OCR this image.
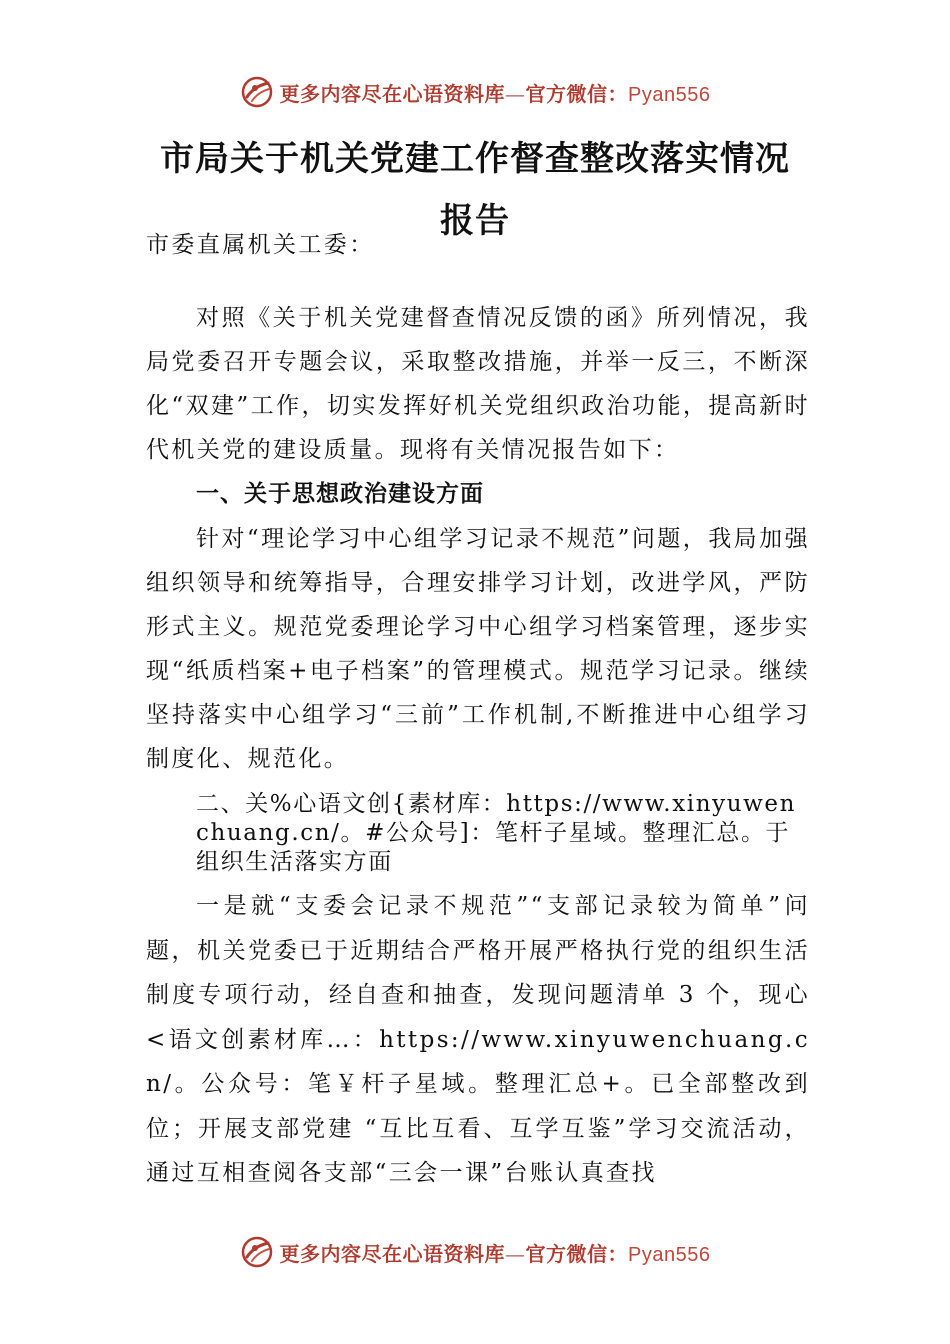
更多内容尽在心语资料库—官方微信：Pyan556
市局关于机关党建工作督查整改落实情况
报告

市委直属机关工委：

对照《关于机关党建督查情况反馈的函》所列情况，我局党委召开专题会议，采取整改措施，并举一反三，不断深化“双建”工作，切实发挥好机关党组织政治功能，提高新时代机关党的建设质量。现将有关情况报告如下：

一、关于思想政治建设方面

针对“理论学习中心组学习记录不规范”问题，我局加强组织领导和统筹指导，合理安排学习计划，改进学风，严防形式主义。规范党委理论学习中心组学习档案管理，逐步实现“纸质档案+电子档案”的管理模式。规范学习记录。继续坚持落实中心组学习“三前”工作机制,不断推进中心组学习制度化、规范化。

二、关%心语文创{素材库：https://www.xinyuwenchuang.cn/。#公众号]：笔杆子星域。整理汇总。于组织生活落实方面

一是就“支委会记录不规范”“支部记录较为简单”问题，机关党委已于近期结合严格开展严格执行党的组织生活制度专项行动，经自查和抽查，发现问题清单 3 个，现心<语文创素材库…：https://www.xinyuwenchuang.cn/。公众号：笔￥杆子星域。整理汇总+。已全部整改到位；开展支部党建 “互比互看、互学互鉴”学习交流活动，通过互相查阅各支部“三会一课”台账认真查找

更多内容尽在心语资料库—官方微信：Pyan556
